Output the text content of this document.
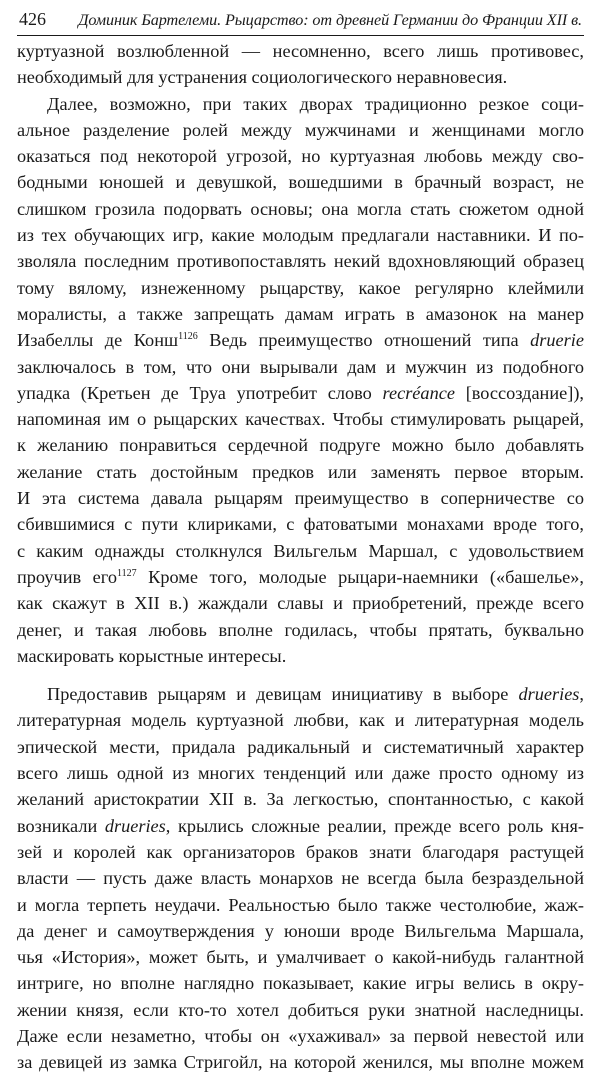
426 Доминик Бартелеми. Рыцарство: от древней Германии до Франции XII в.
куртуазной возлюбленной — несомненно, всего лишь противовес,
необходимый для устранения социологического неравновесия.
Далее, возможно, при таких дворах традиционно резкое соци-
альное разделение ролей между мужчинами и женщинами могло
оказаться под некоторой угрозой, но куртуазная любовь между сво-
бодными юношей и девушкой, вошедшими в брачный возраст, не
слишком грозила подорвать основы; она могла стать сюжетом одной
из тех обучающих игр, какие молодым предлагали наставники. И по-
зволяла последним противопоставлять некий вдохновляющий образец
тому вялому, изнеженному рыцарству, какое регулярно клеймили
моралисты, а также запрещать дамам играть в амазонок на манер
Изабеллы де Конш$^{1126}$ Ведь преимущество отношений типа druerie
заключалось в том, что они вырывали дам и мужчин из подобного
упадка (Кретьен де Труа употребит слово recréance [воссоздание]),
напоминая им о рыцарских качествах. Чтобы стимулировать рыцарей,
к желанию понравиться сердечной подруге можно было добавлять
желание стать достойным предков или заменять первое вторым.
И эта система давала рыцарям преимущество в соперничестве со
сбившимися с пути клириками, с фатоватыми монахами вроде того,
с каким однажды столкнулся Вильгельм Маршал, с удовольствием
проучив его$^{1127}$ Кроме того, молодые рыцари-наемники («башелье»,
как скажут в XII в.) жаждали славы и приобретений, прежде всего
денег, и такая любовь вполне годилась, чтобы прятать, буквально
маскировать корыстные интересы.
Предоставив рыцарям и девицам инициативу в выборе drueries,
литературная модель куртуазной любви, как и литературная модель
эпической мести, придала радикальный и систематичный характер
всего лишь одной из многих тенденций или даже просто одному из
желаний аристократии XII в. За легкостью, спонтанностью, с какой
возникали drueries, крылись сложные реалии, прежде всего роль кня-
зей и королей как организаторов браков знати благодаря растущей
власти — пусть даже власть монархов не всегда была безраздельной
и могла терпеть неудачи. Реальностью было также честолюбие, жаж-
да денег и самоутверждения у юноши вроде Вильгельма Маршала,
чья «История», может быть, и умалчивает о какой-нибудь галантной
интриге, но вполне наглядно показывает, какие игры велись в окру-
жении князя, если кто-то хотел добиться руки знатной наследницы.
Даже если незаметно, чтобы он «ухаживал» за первой невестой или
за девицей из замка Стригойл, на которой женился, мы вполне можем
